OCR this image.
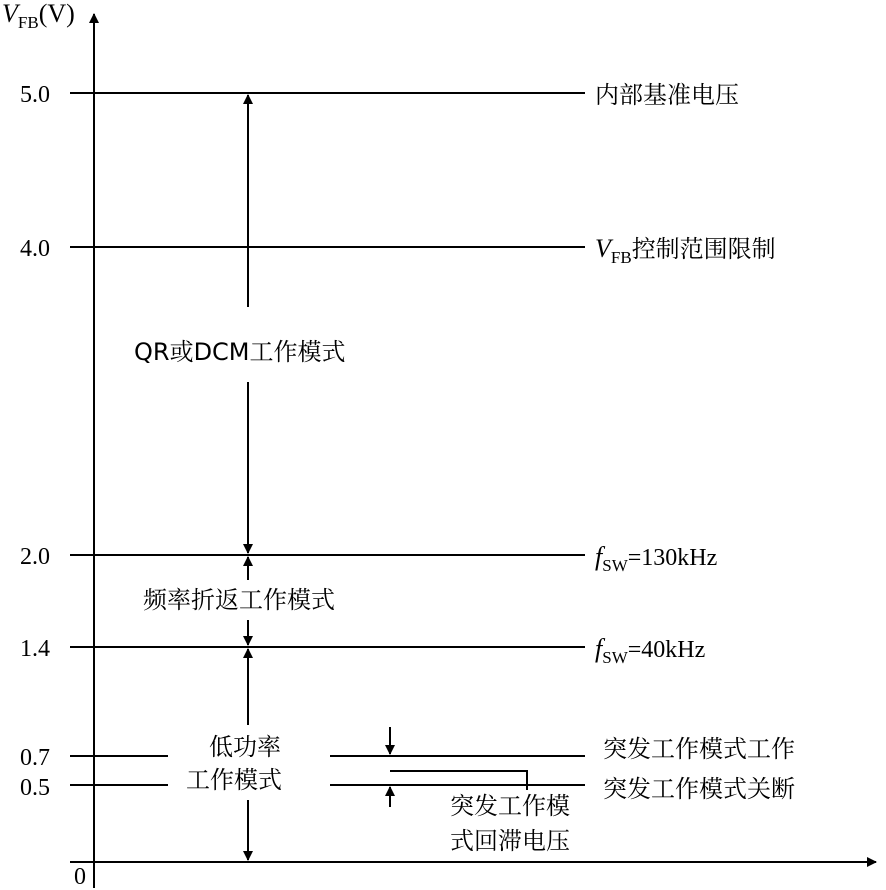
$V_{FB}(V)$
0
5.0
4.0
2.0
1.4
0.7
0.5
内部基准电压
$V_{FB}$控制范围限制
$f_{SW}=130kHz$
$f_{SW}=40kHz$
突发工作模式工作
突发工作模式关断
QR或DCM工作模式
频率折返工作模式
低功率
工作模式
突发工作模
式回滞电压
